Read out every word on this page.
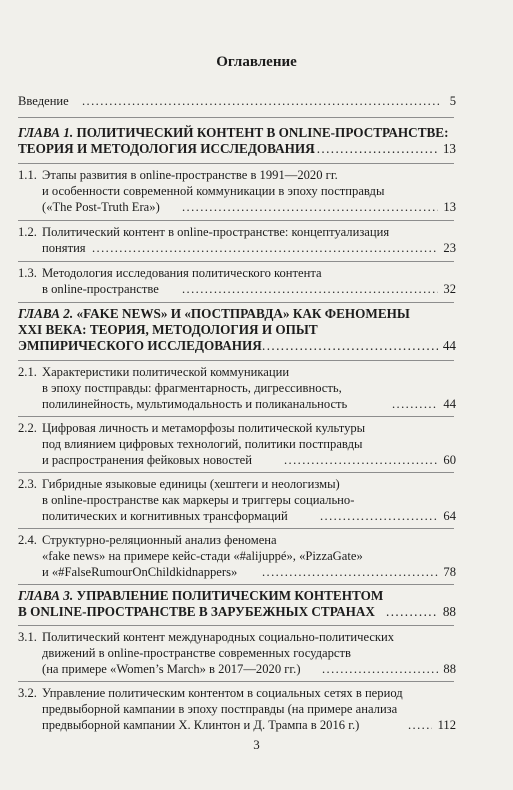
Оглавление
Введение .....	5
ГЛАВА 1. ПОЛИТИЧЕСКИЙ КОНТЕНТ В ONLINE-ПРОСТРАНСТВЕ:
ТЕОРИЯ И МЕТОДОЛОГИЯ ИССЛЕДОВАНИЯ .....	13
1.1. Этапы развития в online-пространстве в 1991—2020 гг.
и особенности современной коммуникации в эпоху постправды
(«The Post-Truth Era») .....	13
1.2. Политический контент в online-пространстве: концептуализация
понятия .....	23
1.3. Методология исследования политического контента
в online-пространстве .....	32
ГЛАВА 2. «FAKE NEWS» И «ПОСТПРАВДА» КАК ФЕНОМЕНЫ
XXI ВЕКА: ТЕОРИЯ, МЕТОДОЛОГИЯ И ОПЫТ
ЭМПИРИЧЕСКОГО ИССЛЕДОВАНИЯ .....	44
2.1. Характеристики политической коммуникации
в эпоху постправды: фрагментарность, дигрессивность,
полилинейность, мультимодальность и поликанальность .....	44
2.2. Цифровая личность и метаморфозы политической культуры
под влиянием цифровых технологий, политики постправды
и распространения фейковых новостей .....	60
2.3. Гибридные языковые единицы (хештеги и неологизмы)
в online-пространстве как маркеры и триггеры социально-
политических и когнитивных трансформаций .....	64
2.4. Структурно-реляционный анализ феномена
«fake news» на примере кейс-стади «#alijuppé», «PizzaGate»
и «#FalseRumourOnChildkidnappers» .....	78
ГЛАВА 3. УПРАВЛЕНИЕ ПОЛИТИЧЕСКИМ КОНТЕНТОМ
В ONLINE-ПРОСТРАНСТВЕ В ЗАРУБЕЖНЫХ СТРАНАХ .....	88
3.1. Политический контент международных социально-политических
движений в online-пространстве современных государств
(на примере «Women’s March» в 2017—2020 гг.) .....	88
3.2. Управление политическим контентом в социальных сетях в период
предвыборной кампании в эпоху постправды (на примере анализа
предвыборной кампании Х. Клинтон и Д. Трампа в 2016 г.) .....	112
3
